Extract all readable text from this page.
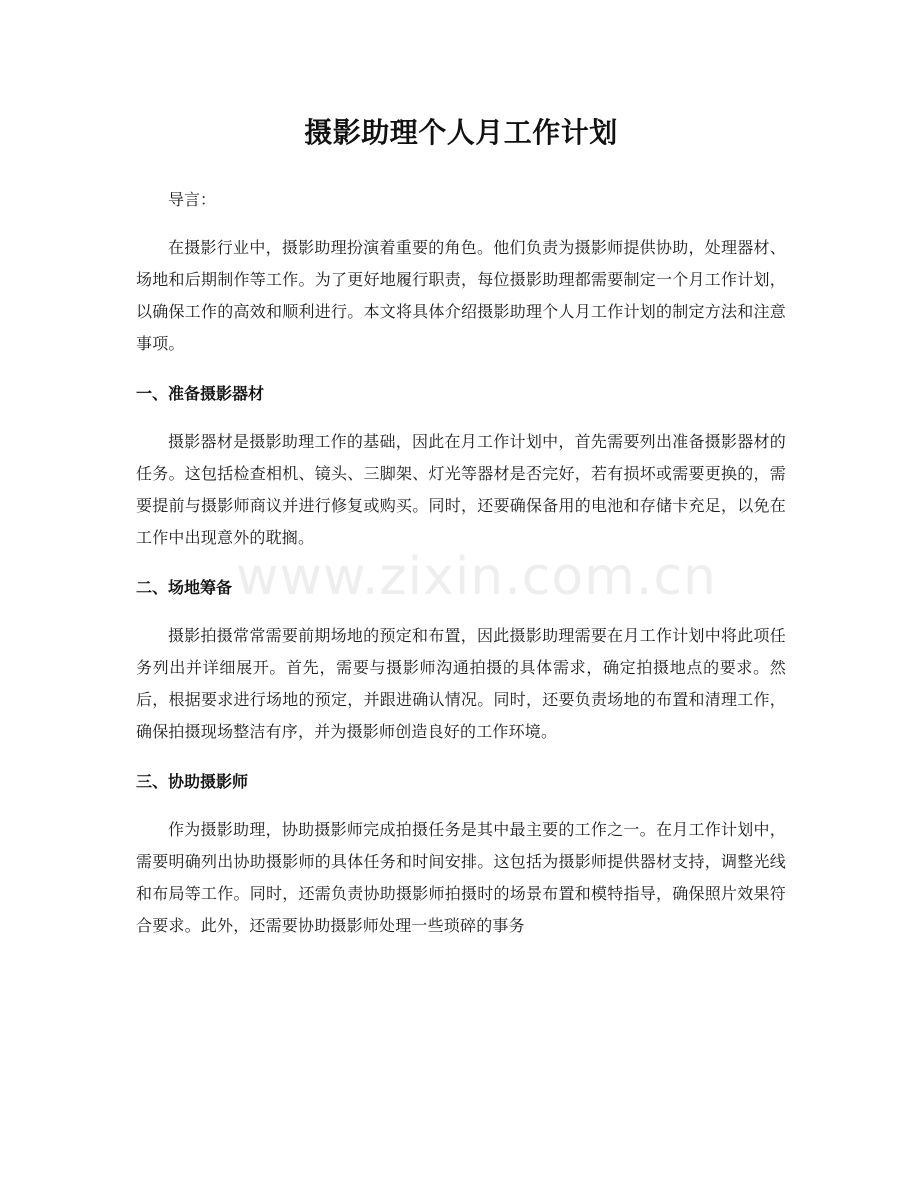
摄影助理个人月工作计划

导言：

在摄影行业中，摄影助理扮演着重要的角色。他们负责为摄影师提供协助，处理器材、场地和后期制作等工作。为了更好地履行职责，每位摄影助理都需要制定一个月工作计划，以确保工作的高效和顺利进行。本文将具体介绍摄影助理个人月工作计划的制定方法和注意事项。

一、准备摄影器材

摄影器材是摄影助理工作的基础，因此在月工作计划中，首先需要列出准备摄影器材的任务。这包括检查相机、镜头、三脚架、灯光等器材是否完好，若有损坏或需要更换的，需要提前与摄影师商议并进行修复或购买。同时，还要确保备用的电池和存储卡充足，以免在工作中出现意外的耽搁。

二、场地筹备

摄影拍摄常常需要前期场地的预定和布置，因此摄影助理需要在月工作计划中将此项任务列出并详细展开。首先，需要与摄影师沟通拍摄的具体需求，确定拍摄地点的要求。然后，根据要求进行场地的预定，并跟进确认情况。同时，还要负责场地的布置和清理工作，确保拍摄现场整洁有序，并为摄影师创造良好的工作环境。

三、协助摄影师

作为摄影助理，协助摄影师完成拍摄任务是其中最主要的工作之一。在月工作计划中，需要明确列出协助摄影师的具体任务和时间安排。这包括为摄影师提供器材支持，调整光线和布局等工作。同时，还需负责协助摄影师拍摄时的场景布置和模特指导，确保照片效果符合要求。此外，还需要协助摄影师处理一些琐碎的事务

www.zixin.com.cn
